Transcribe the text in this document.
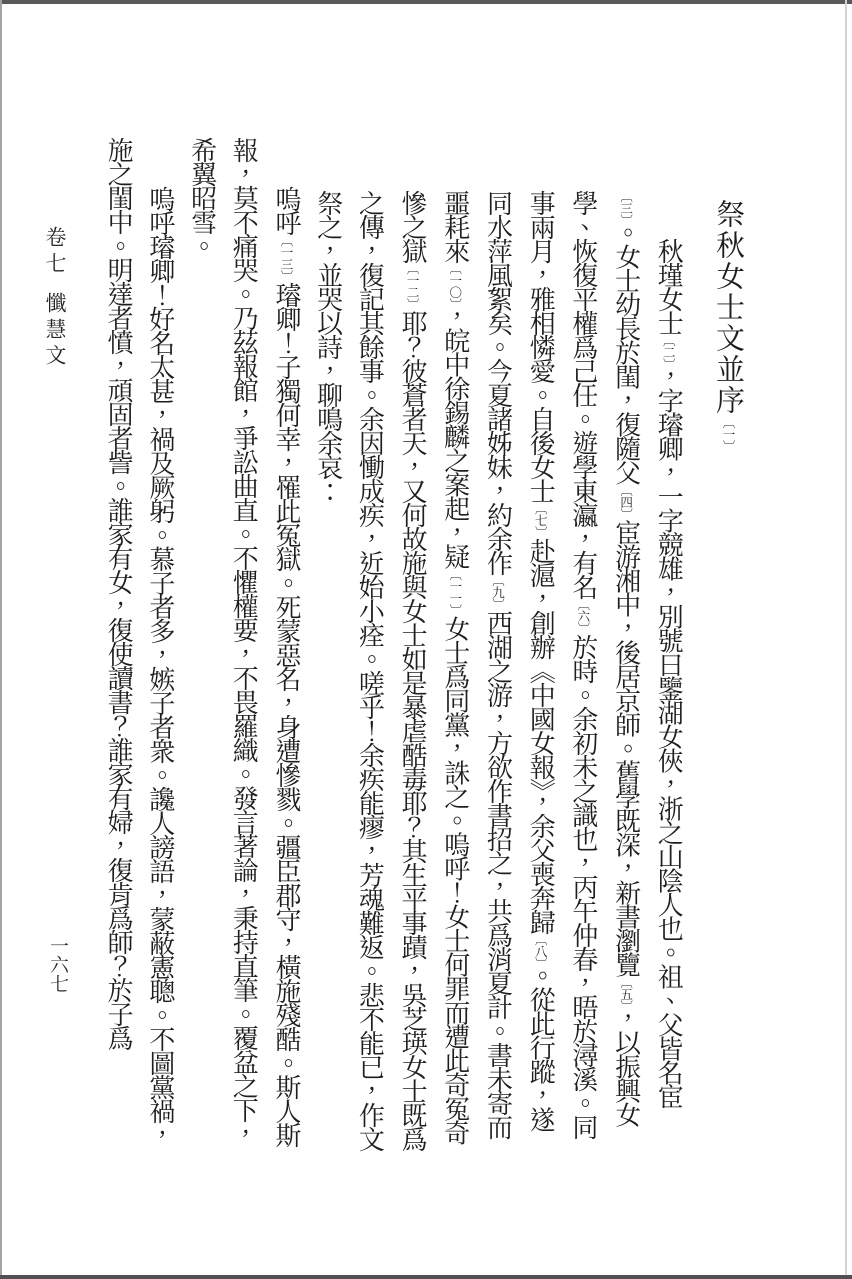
卷七懺慧文
一六七
祭秋女士文並序〔一〕

秋瑾女士〔二〕，字璿卿，一字競雄，別號曰鑒湖女俠，浙之山陰人也。祖、父皆名宦〔三〕。女士幼長於閨，復隨父〔四〕宦游湘中，後居京師。舊學既深，新書瀏覽〔五〕，以振興女學、恢復平權爲己任。遊學東瀛，有名〔六〕於時。余初未之識也，丙午仲春，晤於潯溪。同事兩月，雅相憐愛。自後女士〔七〕赴滬，創辦《中國女報》，余父喪奔歸〔八〕。從此行蹤，遂同水萍風絮矣。今夏諸姊妹，約余作〔九〕西湖之游，方欲作書招之，共爲消夏計。書未寄而噩耗來〔一〇〕，皖中徐錫麟之案起，疑〔一一〕女士爲同黨，誅之。嗚呼！女士何罪而遭此奇冤奇慘之獄〔一二〕耶？彼蒼者天，又何故施與女士如是暴虐酷毒耶？其生平事蹟，吳芝瑛女士既爲之傳，復記其餘事。余因慟成疾，近始小痊。嗟乎！余疾能瘳，芳魂難返。悲不能已，作文祭之，並哭以詩，聊鳴余哀：

嗚呼〔一三〕璿卿！子獨何幸，罹此冤獄。死蒙惡名，身遭慘戮。疆臣郡守，橫施殘酷。斯人斯報，莫不痛哭。乃茲報館，爭訟曲直。不懼權要，不畏羅織。發言著論，秉持直筆。覆盆之下，希翼昭雪。

嗚呼璿卿！好名太甚，禍及厥躬。慕子者多，嫉子者衆。讒人謗語，蒙蔽憲聰。不圖黨禍，施之閨中。明達者憤，頑固者訾。誰家有女，復使讀書？誰家有婦，復肯爲師？於子爲
